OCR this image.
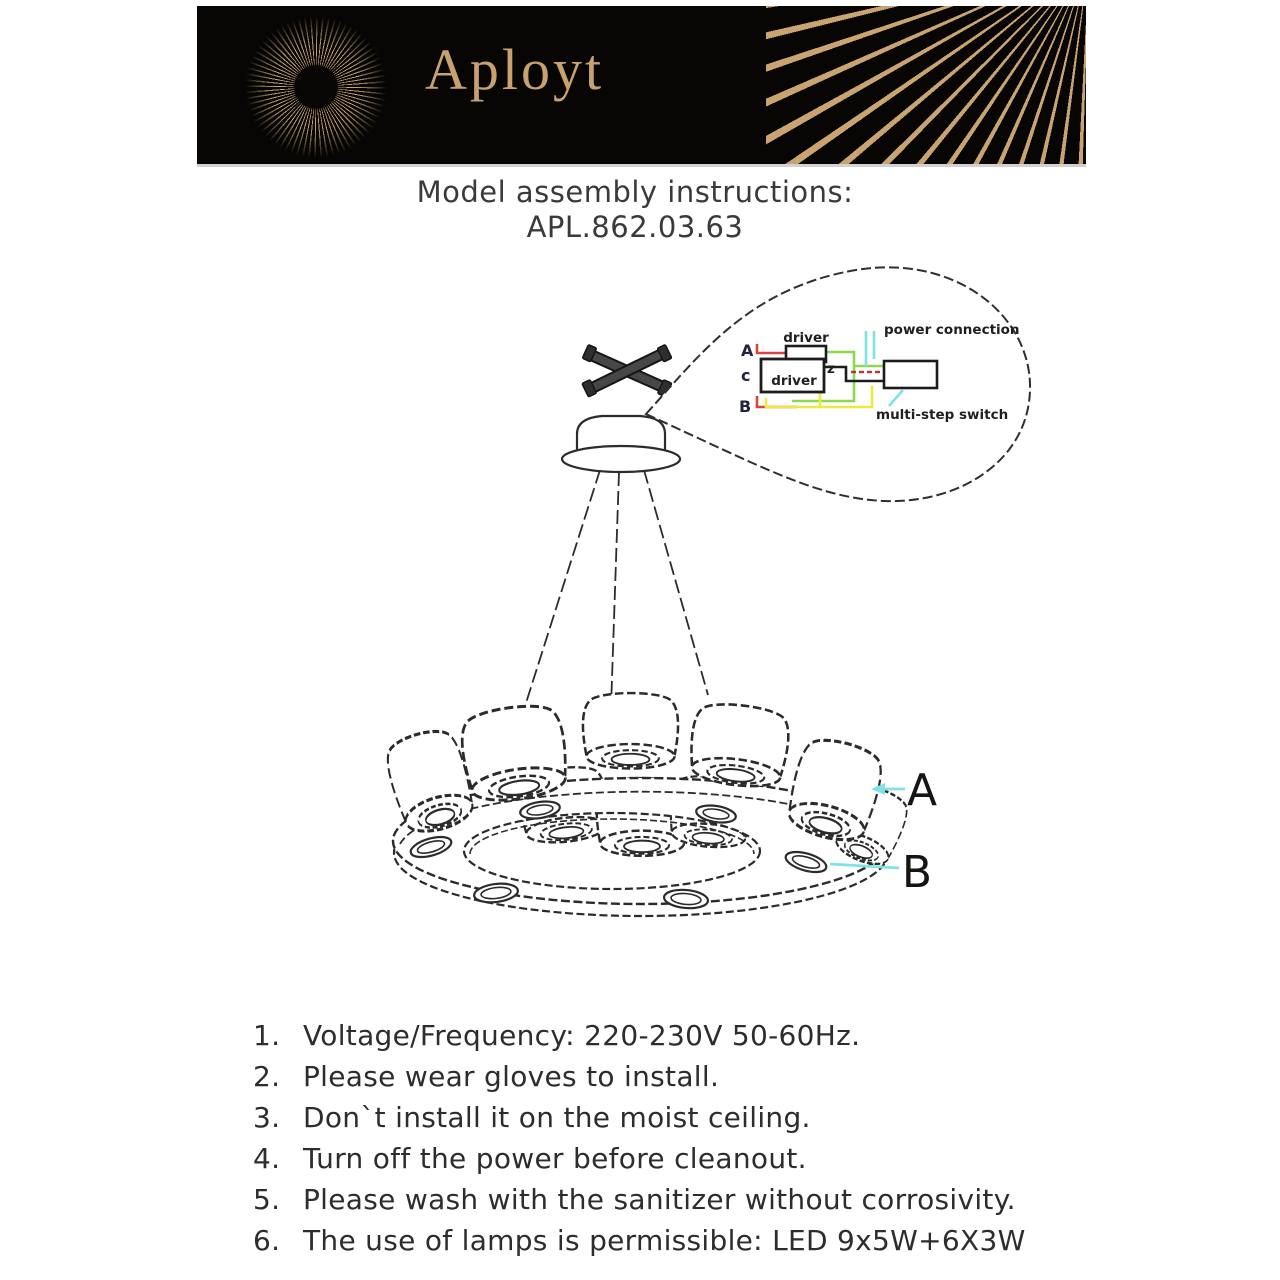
Aployt
Model assembly instructions:
APL.862.03.63
A
c
B
driver
driver
z
power connection
multi-step switch
A
B
1. Voltage/Frequency: 220-230V 50-60Hz.
2. Please wear gloves to install.
3. Don`t install it on the moist ceiling.
4. Turn off the power before cleanout.
5. Please wash with the sanitizer without corrosivity.
6. The use of lamps is permissible: LED 9x5W+6X3W
